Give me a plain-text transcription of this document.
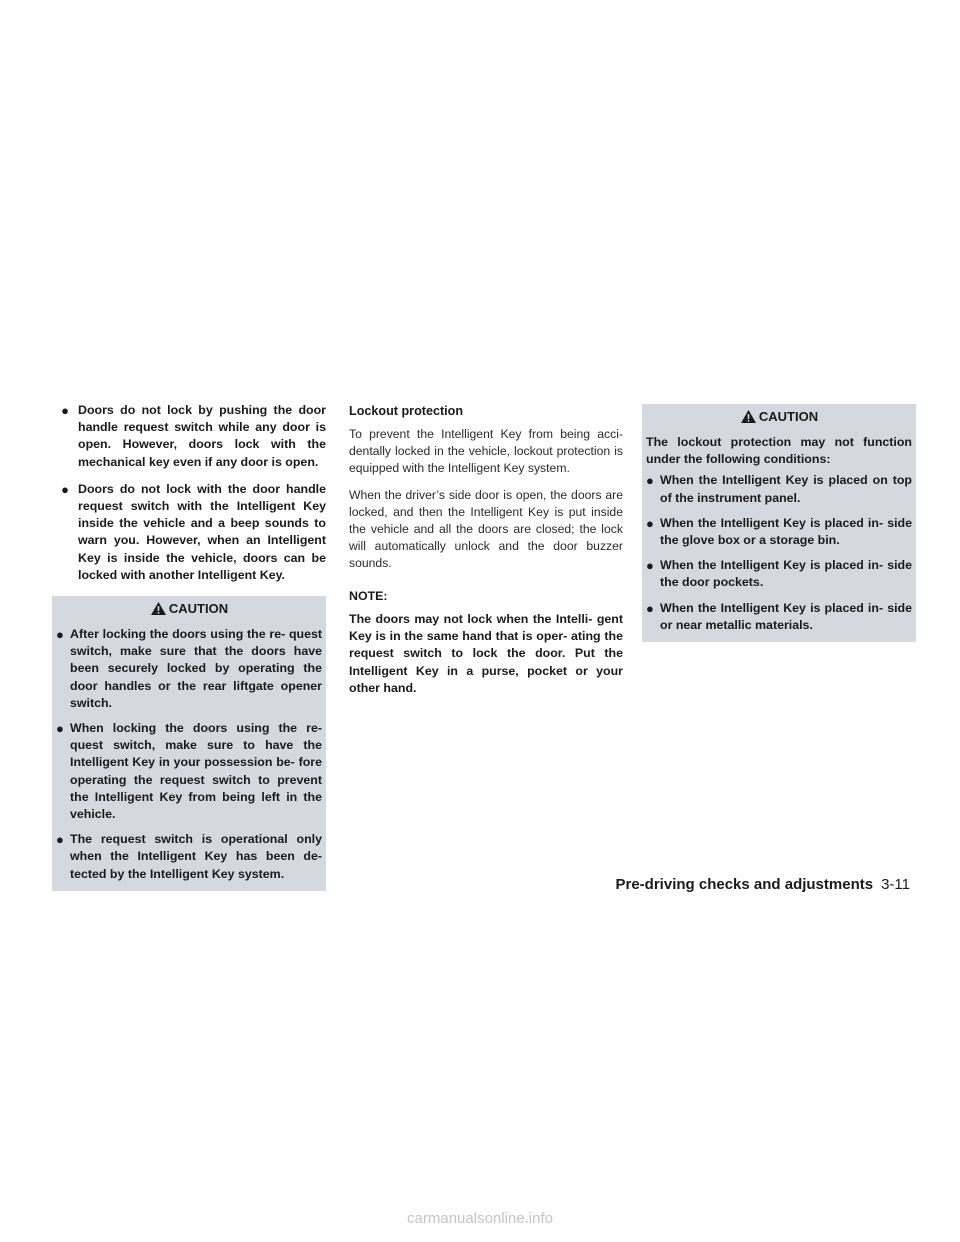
● Doors do not lock by pushing the door handle request switch while any door is open. However, doors lock with the mechanical key even if any door is open.
● Doors do not lock with the door handle request switch with the Intelligent Key inside the vehicle and a beep sounds to warn you. However, when an Intelligent Key is inside the vehicle, doors can be locked with another Intelligent Key.
CAUTION
● After locking the doors using the re- quest switch, make sure that the doors have been securely locked by operating the door handles or the rear liftgate opener switch.
● When locking the doors using the re- quest switch, make sure to have the Intelligent Key in your possession be- fore operating the request switch to prevent the Intelligent Key from being left in the vehicle.
● The request switch is operational only when the Intelligent Key has been de- tected by the Intelligent Key system.

Lockout protection

To prevent the Intelligent Key from being acci- dentally locked in the vehicle, lockout protection is equipped with the Intelligent Key system.

When the driver’s side door is open, the doors are locked, and then the Intelligent Key is put inside the vehicle and all the doors are closed; the lock will automatically unlock and the door buzzer sounds.

NOTE:

The doors may not lock when the Intelli- gent Key is in the same hand that is oper- ating the request switch to lock the door. Put the Intelligent Key in a purse, pocket or your other hand.

CAUTION

The lockout protection may not function under the following conditions:

● When the Intelligent Key is placed on top of the instrument panel.
● When the Intelligent Key is placed in- side the glove box or a storage bin.
● When the Intelligent Key is placed in- side the door pockets.
● When the Intelligent Key is placed in- side or near metallic materials.
Pre-driving checks and adjustments 3-11
carmanualsonline.info
